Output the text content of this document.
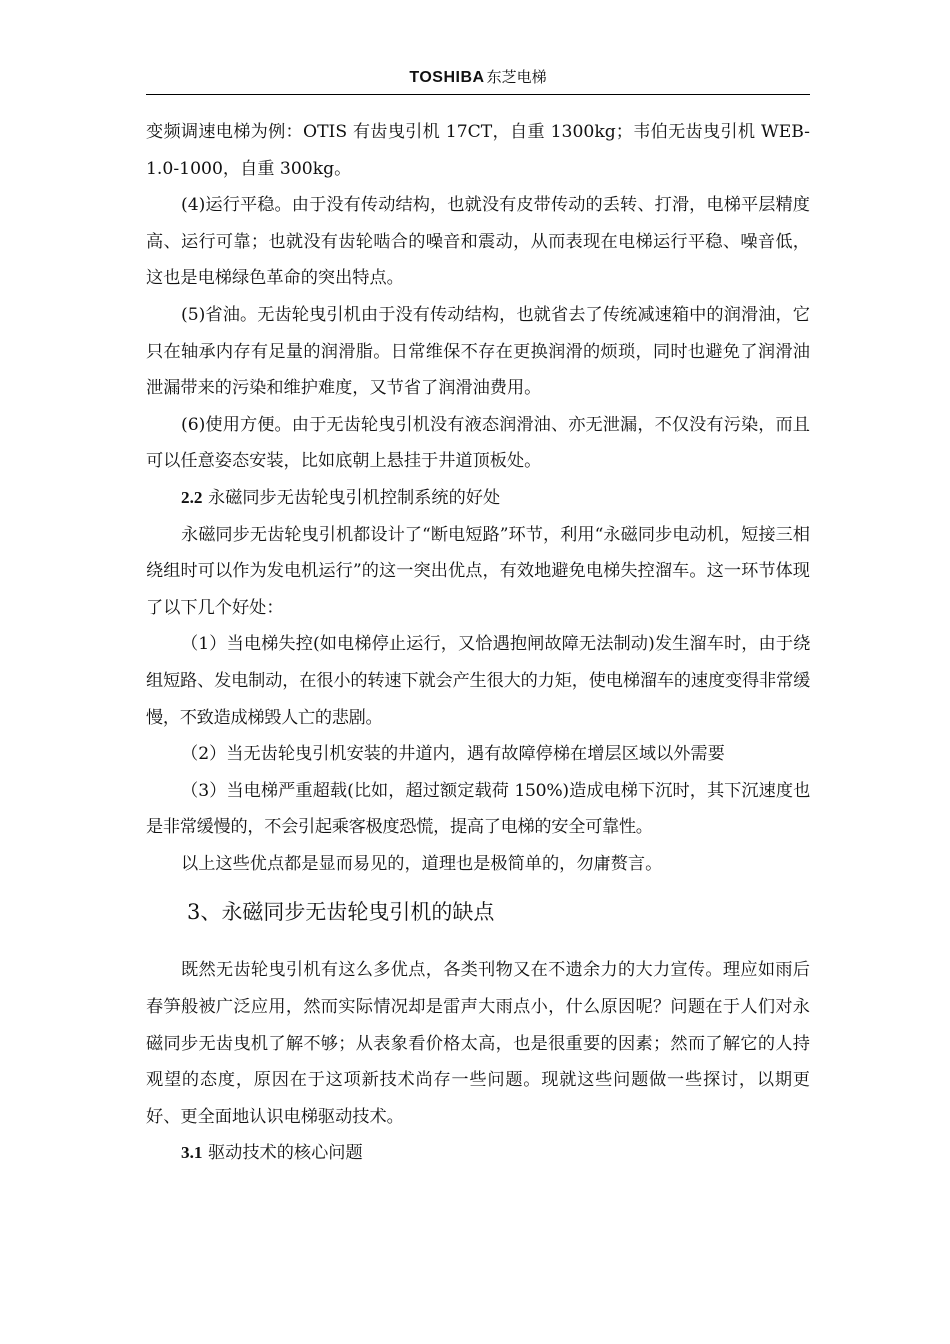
TOSHIBA 东芝电梯

变频调速电梯为例：OTIS 有齿曳引机 17CT，自重 1300kg；韦伯无齿曳引机 WEB-1.0-1000，自重 300kg。

(4)运行平稳。由于没有传动结构，也就没有皮带传动的丢转、打滑，电梯平层精度高、运行可靠；也就没有齿轮啮合的噪音和震动，从而表现在电梯运行平稳、噪音低，这也是电梯绿色革命的突出特点。

(5)省油。无齿轮曳引机由于没有传动结构，也就省去了传统减速箱中的润滑油，它只在轴承内存有足量的润滑脂。日常维保不存在更换润滑的烦琐，同时也避免了润滑油泄漏带来的污染和维护难度，又节省了润滑油费用。

(6)使用方便。由于无齿轮曳引机没有液态润滑油、亦无泄漏，不仅没有污染，而且可以任意姿态安装，比如底朝上悬挂于井道顶板处。

2.2 永磁同步无齿轮曳引机控制系统的好处

永磁同步无齿轮曳引机都设计了“断电短路”环节，利用“永磁同步电动机，短接三相绕组时可以作为发电机运行”的这一突出优点，有效地避免电梯失控溜车。这一环节体现了以下几个好处：

（1）当电梯失控(如电梯停止运行，又恰遇抱闸故障无法制动)发生溜车时，由于绕组短路、发电制动，在很小的转速下就会产生很大的力矩，使电梯溜车的速度变得非常缓慢，不致造成梯毁人亡的悲剧。

（2）当无齿轮曳引机安装的井道内，遇有故障停梯在增层区域以外需要

（3）当电梯严重超载(比如，超过额定载荷 150%)造成电梯下沉时，其下沉速度也是非常缓慢的，不会引起乘客极度恐慌，提高了电梯的安全可靠性。

以上这些优点都是显而易见的，道理也是极简单的，勿庸赘言。

3、永磁同步无齿轮曳引机的缺点

既然无齿轮曳引机有这么多优点，各类刊物又在不遗余力的大力宣传。理应如雨后春笋般被广泛应用，然而实际情况却是雷声大雨点小，什么原因呢？问题在于人们对永磁同步无齿曳机了解不够；从表象看价格太高，也是很重要的因素；然而了解它的人持观望的态度，原因在于这项新技术尚存一些问题。现就这些问题做一些探讨，以期更好、更全面地认识电梯驱动技术。

3.1 驱动技术的核心问题
